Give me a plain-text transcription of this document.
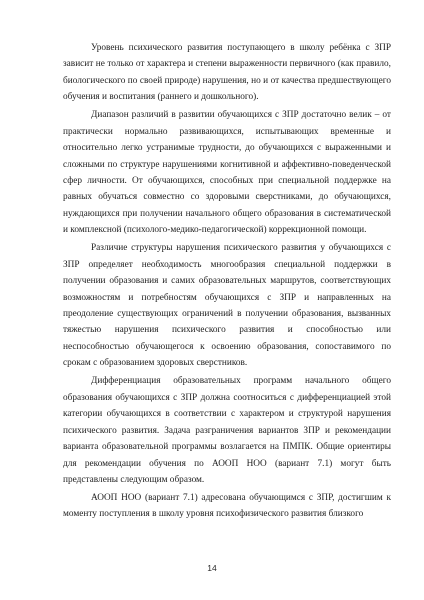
Уровень психического развития поступающего в школу ребёнка с ЗПР зависит не только от характера и степени выраженности первичного (как правило, биологического по своей природе) нарушения, но и от качества предшествующего обучения и воспитания (раннего и дошкольного).

Диапазон различий в развитии обучающихся с ЗПР достаточно велик – от практически нормально развивающихся, испытывающих временные и относительно легко устранимые трудности, до обучающихся с выраженными и сложными по структуре нарушениями когнитивной и аффективно-поведенческой сфер личности. От обучающихся, способных при специальной поддержке на равных обучаться совместно со здоровыми сверстниками, до обучающихся, нуждающихся при получении начального общего образования в систематической и комплексной (психолого-медико-педагогической) коррекционной помощи.

Различие структуры нарушения психического развития у обучающихся с ЗПР определяет необходимость многообразия специальной поддержки в получении образования и самих образовательных маршрутов, соответствующих возможностям и потребностям обучающихся с ЗПР и направленных на преодоление существующих ограничений в получении образования, вызванных тяжестью нарушения психического развития и способностью или неспособностью обучающегося к освоению образования, сопоставимого по срокам с образованием здоровых сверстников.

Дифференциация образовательных программ начального общего образования обучающихся с ЗПР должна соотноситься с дифференциацией этой категории обучающихся в соответствии с характером и структурой нарушения психического развития. Задача разграничения вариантов ЗПР и рекомендации варианта образовательной программы возлагается на ПМПК. Общие ориентиры для рекомендации обучения по АООП НОО (вариант 7.1) могут быть представлены следующим образом.

АООП НОО (вариант 7.1) адресована обучающимся с ЗПР, достигшим к моменту поступления в школу уровня психофизического развития близкого

14
